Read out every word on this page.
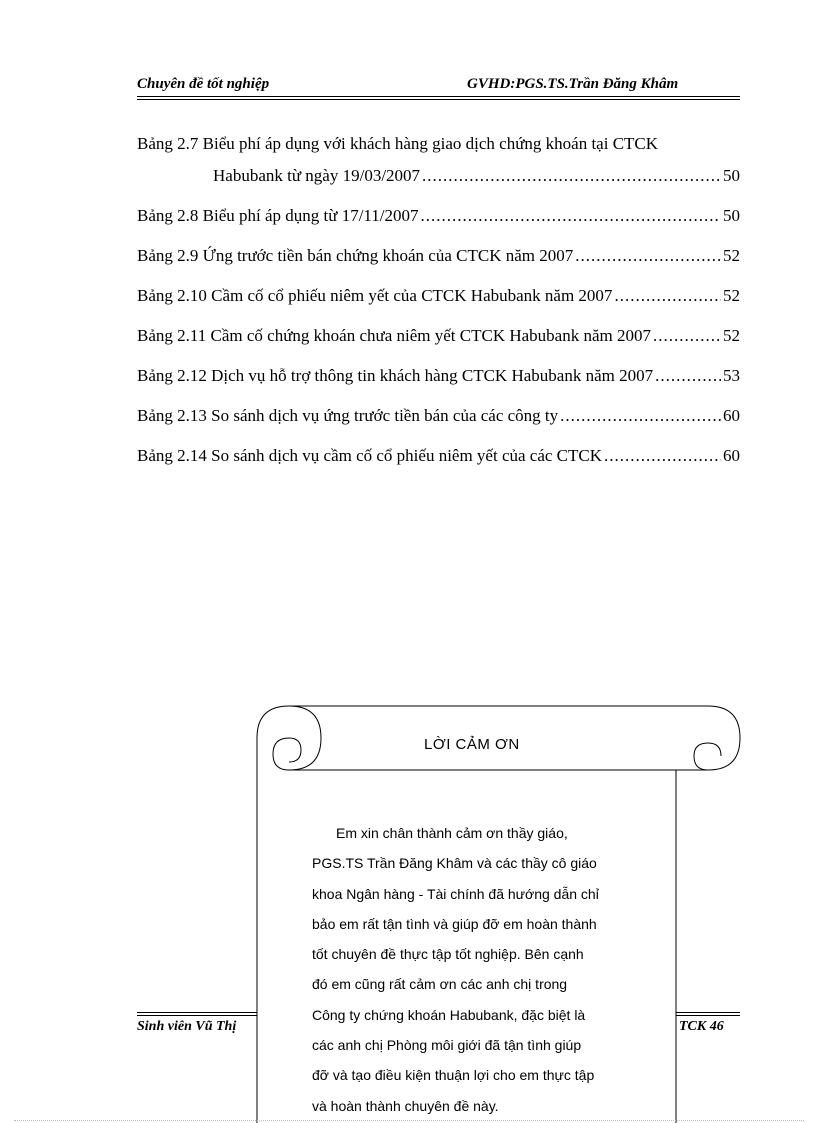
Chuyên đề tốt nghiệp	GVHD:PGS.TS.Trần Đăng Khâm
Bảng 2.7 Biểu phí áp dụng với khách hàng giao dịch chứng khoán tại CTCK
Habubank từ ngày 19/03/2007 .....	50
Bảng 2.8 Biểu phí áp dụng từ 17/11/2007 .....	50
Bảng 2.9 Ứng trước tiền bán chứng khoán của CTCK năm 2007 .....	52
Bảng 2.10 Cầm cố cổ phiếu niêm yết của CTCK Habubank năm 2007 .....	52
Bảng 2.11 Cầm cố chứng khoán chưa niêm yết CTCK Habubank năm 2007 .....	52
Bảng 2.12 Dịch vụ hỗ trợ thông tin khách hàng CTCK Habubank năm 2007 .....	53
Bảng 2.13 So sánh dịch vụ ứng trước tiền bán của các công ty .....	60
Bảng 2.14 So sánh dịch vụ cầm cố cổ phiếu niêm yết của các CTCK .....	60
LỜI CẢM ƠN
Em xin chân thành cảm ơn thầy giáo,
PGS.TS Trần Đăng Khâm và các thầy cô giáo
khoa Ngân hàng - Tài chính đã hướng dẫn chỉ
bảo em rất tận tình và giúp đỡ em hoàn thành
tốt chuyên đề thực tập tốt nghiệp. Bên cạnh
đó em cũng rất cảm ơn các anh chị trong
Công ty chứng khoán Habubank, đặc biệt là
các anh chị Phòng môi giới đã tận tình giúp
đỡ và tạo điều kiện thuận lợi cho em thực tập
và hoàn thành chuyên đề này.
Sinh viên Vũ Thị	TCK 46
